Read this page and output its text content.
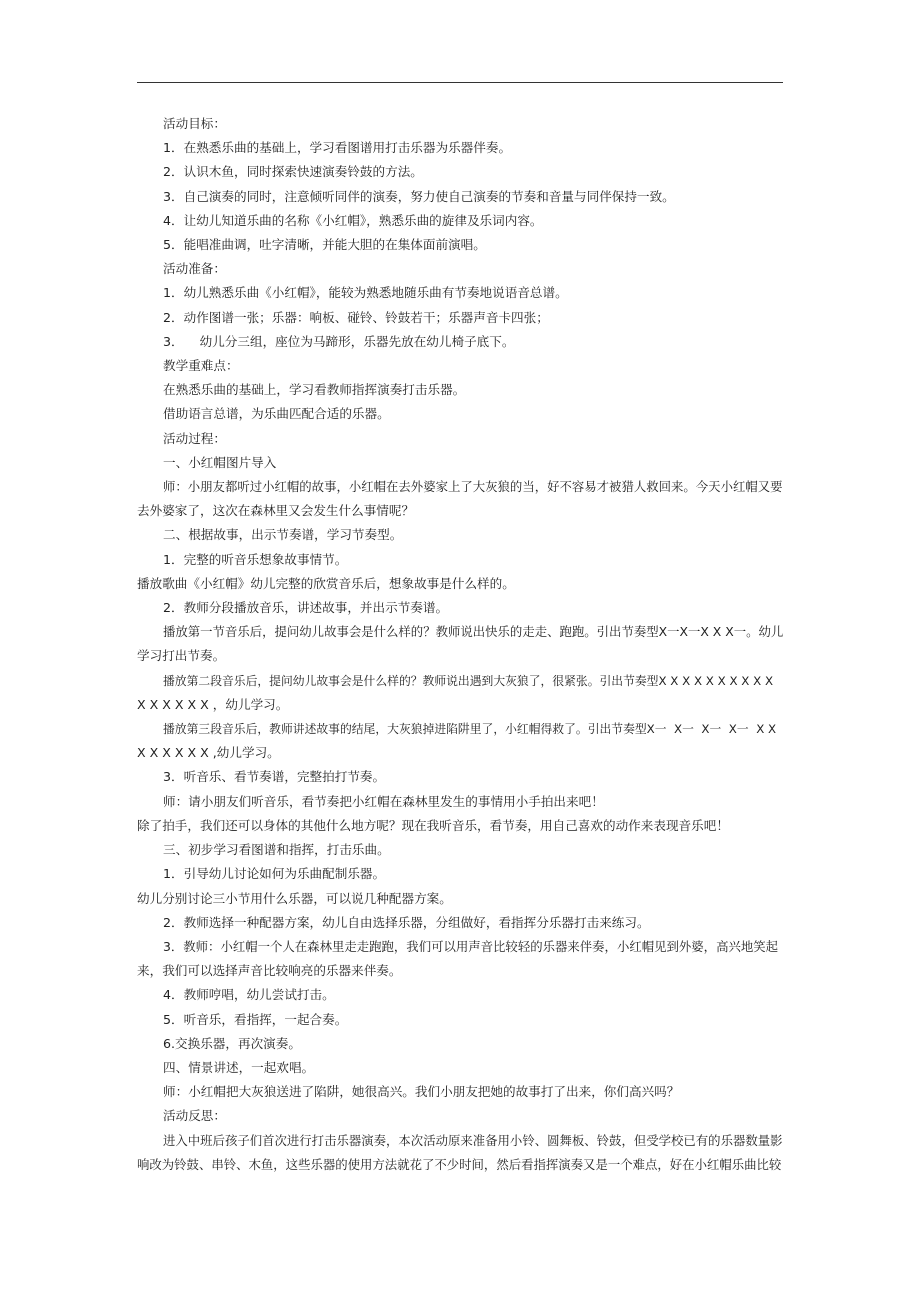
活动目标：
1．在熟悉乐曲的基础上，学习看图谱用打击乐器为乐器伴奏。
2．认识木鱼，同时探索快速演奏铃鼓的方法。
3．自己演奏的同时，注意倾听同伴的演奏，努力使自己演奏的节奏和音量与同伴保持一致。
4．让幼儿知道乐曲的名称《小红帽》，熟悉乐曲的旋律及乐词内容。
5．能唱准曲调，吐字清晰，并能大胆的在集体面前演唱。
活动准备：
1．幼儿熟悉乐曲《小红帽》，能较为熟悉地随乐曲有节奏地说语音总谱。
2．动作图谱一张；乐器：响板、碰铃、铃鼓若干；乐器声音卡四张；
3．    幼儿分三组，座位为马蹄形，乐器先放在幼儿椅子底下。
教学重难点：
在熟悉乐曲的基础上，学习看教师指挥演奏打击乐器。
借助语言总谱，为乐曲匹配合适的乐器。
活动过程：
一、小红帽图片导入
师：小朋友都听过小红帽的故事，小红帽在去外婆家上了大灰狼的当，好不容易才被猎人救回来。今天小红帽又要
去外婆家了，这次在森林里又会发生什么事情呢？
二、根据故事，出示节奏谱，学习节奏型。
1．完整的听音乐想象故事情节。
播放歌曲《小红帽》幼儿完整的欣赏音乐后，想象故事是什么样的。
2．教师分段播放音乐，讲述故事，并出示节奏谱。
播放第一节音乐后，提问幼儿故事会是什么样的？教师说出快乐的走走、跑跑。引出节奏型X一X一X X X一。幼儿
学习打出节奏。
播放第二段音乐后，提问幼儿故事会是什么样的？教师说出遇到大灰狼了，很紧张。引出节奏型X X X X X X X X X X
X X X X X X ，幼儿学习。
播放第三段音乐后，教师讲述故事的结尾，大灰狼掉进陷阱里了，小红帽得救了。引出节奏型X一  X一  X一  X一  X X
X X X X X X ,幼儿学习。
3．听音乐、看节奏谱，完整拍打节奏。
师：请小朋友们听音乐，看节奏把小红帽在森林里发生的事情用小手拍出来吧！
除了拍手，我们还可以身体的其他什么地方呢？现在我听音乐，看节奏，用自己喜欢的动作来表现音乐吧！
三、初步学习看图谱和指挥，打击乐曲。
1．引导幼儿讨论如何为乐曲配制乐器。
幼儿分别讨论三小节用什么乐器，可以说几种配器方案。
2．教师选择一种配器方案，幼儿自由选择乐器，分组做好，看指挥分乐器打击来练习。
3．教师：小红帽一个人在森林里走走跑跑，我们可以用声音比较轻的乐器来伴奏，小红帽见到外婆，高兴地笑起
来，我们可以选择声音比较响亮的乐器来伴奏。
4．教师哼唱，幼儿尝试打击。
5．听音乐，看指挥，一起合奏。
6.交换乐器，再次演奏。
四、情景讲述，一起欢唱。
师：小红帽把大灰狼送进了陷阱，她很高兴。我们小朋友把她的故事打了出来，你们高兴吗？
活动反思：
进入中班后孩子们首次进行打击乐器演奏，本次活动原来准备用小铃、圆舞板、铃鼓，但受学校已有的乐器数量影
响改为铃鼓、串铃、木鱼，这些乐器的使用方法就花了不少时间，然后看指挥演奏又是一个难点，好在小红帽乐曲比较
